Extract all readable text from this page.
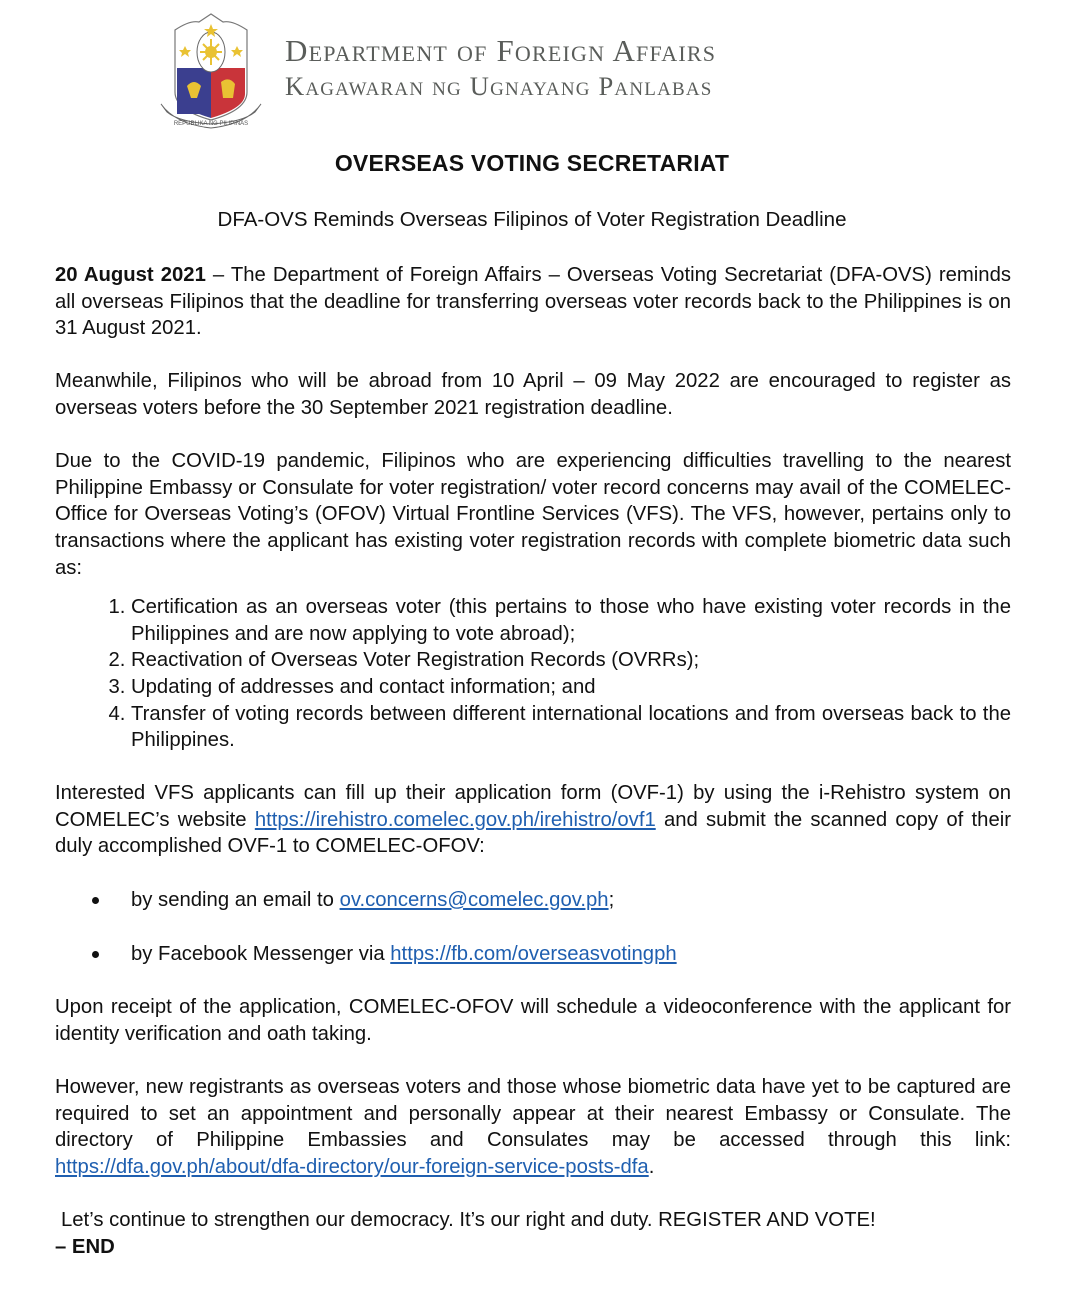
REPUBLIKA NG PILIPINAS
Department of Foreign Affairs
Kagawaran ng Ugnayang Panlabas
OVERSEAS VOTING SECRETARIAT
DFA-OVS Reminds Overseas Filipinos of Voter Registration Deadline

20 August 2021 – The Department of Foreign Affairs – Overseas Voting Secretariat (DFA-OVS) reminds all overseas Filipinos that the deadline for transferring overseas voter records back to the Philippines is on 31 August 2021.

Meanwhile, Filipinos who will be abroad from 10 April – 09 May 2022 are encouraged to register as overseas voters before the 30 September 2021 registration deadline.

Due to the COVID-19 pandemic, Filipinos who are experiencing difficulties travelling to the nearest Philippine Embassy or Consulate for voter registration/ voter record concerns may avail of the COMELEC-Office for Overseas Voting’s (OFOV) Virtual Frontline Services (VFS). The VFS, however, pertains only to transactions where the applicant has existing voter registration records with complete biometric data such as:

1. Certification as an overseas voter (this pertains to those who have existing voter records in the Philippines and are now applying to vote abroad);
2. Reactivation of Overseas Voter Registration Records (OVRRs);
3. Updating of addresses and contact information; and
4. Transfer of voting records between different international locations and from overseas back to the Philippines.

Interested VFS applicants can fill up their application form (OVF-1) by using the i-Rehistro system on COMELEC’s website https://irehistro.comelec.gov.ph/irehistro/ovf1 and submit the scanned copy of their duly accomplished OVF-1 to COMELEC-OFOV:

by sending an email to ov.concerns@comelec.gov.ph;
by Facebook Messenger via https://fb.com/overseasvotingph

Upon receipt of the application, COMELEC-OFOV will schedule a videoconference with the applicant for identity verification and oath taking.

However, new registrants as overseas voters and those whose biometric data have yet to be captured are required to set an appointment and personally appear at their nearest Embassy or Consulate. The directory of Philippine Embassies and Consulates may be accessed through this link: https://dfa.gov.ph/about/dfa-directory/our-foreign-service-posts-dfa.

Let’s continue to strengthen our democracy. It’s our right and duty. REGISTER AND VOTE!

– END
